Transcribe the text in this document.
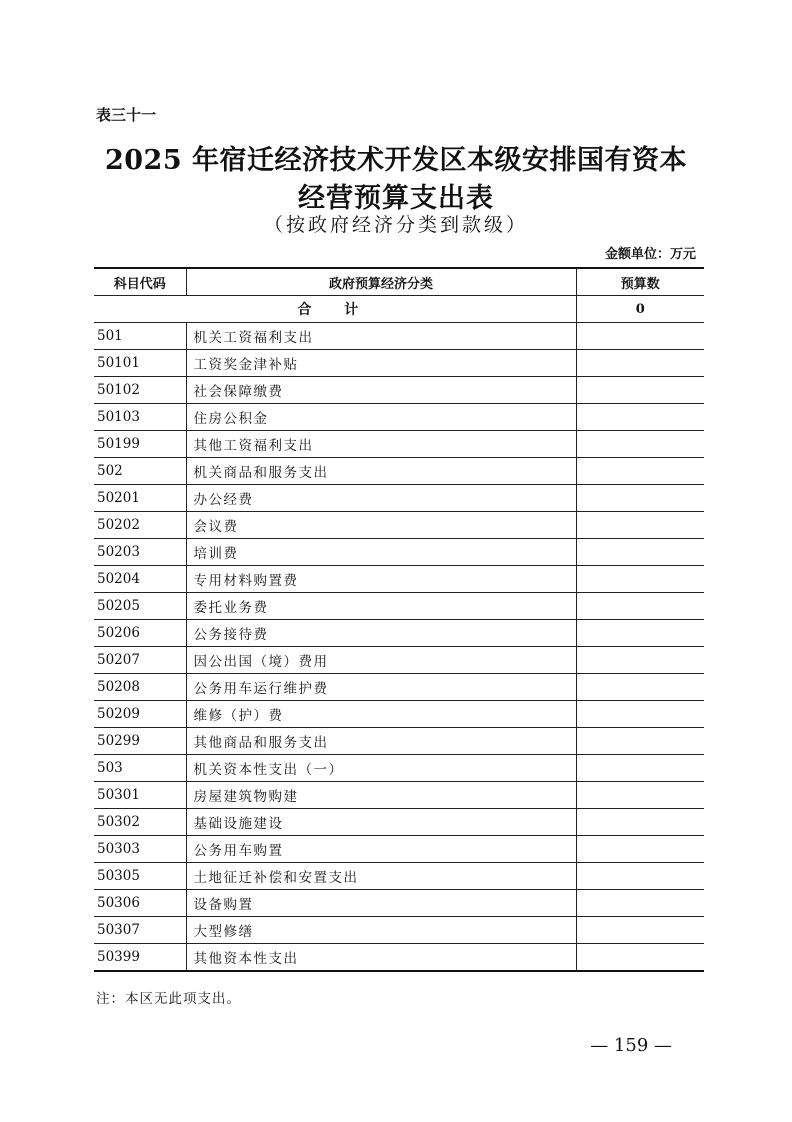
表三十一
2025 年宿迁经济技术开发区本级安排国有资本
经营预算支出表
（按政府经济分类到款级）
金额单位：万元
科目代码	政府预算经济分类	预算数
合 计		0
501	机关工资福利支出	
50101	工资奖金津补贴	
50102	社会保障缴费	
50103	住房公积金	
50199	其他工资福利支出	
502	机关商品和服务支出	
50201	办公经费	
50202	会议费	
50203	培训费	
50204	专用材料购置费	
50205	委托业务费	
50206	公务接待费	
50207	因公出国（境）费用	
50208	公务用车运行维护费	
50209	维修（护）费	
50299	其他商品和服务支出	
503	机关资本性支出（一）	
50301	房屋建筑物购建	
50302	基础设施建设	
50303	公务用车购置	
50305	土地征迁补偿和安置支出	
50306	设备购置	
50307	大型修缮	
50399	其他资本性支出	
注：本区无此项支出。
— 159 —
